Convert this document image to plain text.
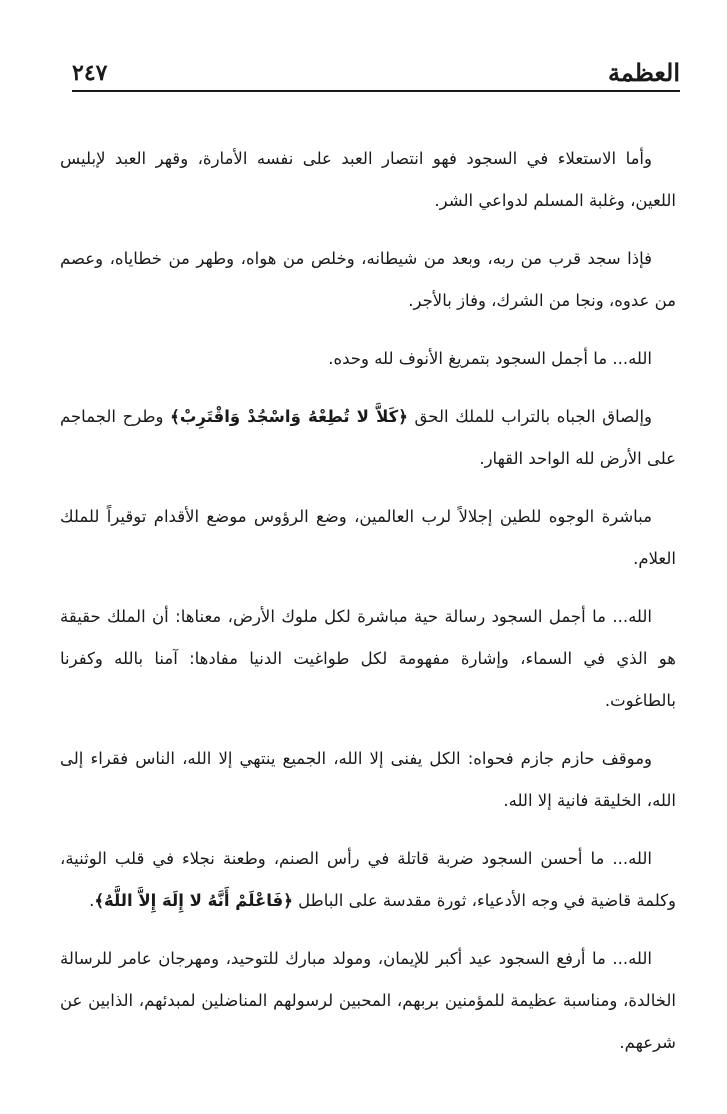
العظمة
٢٤٧

وأما الاستعلاء في السجود فهو انتصار العبد على نفسه الأمارة، وقهر العبد لإبليس اللعين، وغلبة المسلم لدواعي الشر.

فإذا سجد قرب من ربه، وبعد من شيطانه، وخلص من هواه، وطهر من خطاياه، وعصم من عدوه، ونجا من الشرك، وفاز بالأجر.

الله... ما أجمل السجود بتمريغ الأنوف لله وحده.

وإلصاق الجباه بالتراب للملك الحق ﴿كَلاَّ لا تُطِعْهُ وَاسْجُدْ وَاقْتَرِبْ﴾ وطرح الجماجم على الأرض لله الواحد القهار.

مباشرة الوجوه للطين إجلالاً لرب العالمين، وضع الرؤوس موضع الأقدام توقيراً للملك العلام.

الله... ما أجمل السجود رسالة حية مباشرة لكل ملوك الأرض، معناها: أن الملك حقيقة هو الذي في السماء، وإشارة مفهومة لكل طواغيت الدنيا مفادها: آمنا بالله وكفرنا بالطاغوت.

وموقف حازم جازم فحواه: الكل يفنى إلا الله، الجميع ينتهي إلا الله، الناس فقراء إلى الله، الخليقة فانية إلا الله.

الله... ما أحسن السجود ضربة قاتلة في رأس الصنم، وطعنة نجلاء في قلب الوثنية، وكلمة قاضية في وجه الأدعياء، ثورة مقدسة على الباطل ﴿فَاعْلَمْ أَنَّهُ لا إِلَهَ إِلاَّ اللَّهُ﴾.

الله... ما أرفع السجود عيد أكبر للإيمان، ومولد مبارك للتوحيد، ومهرجان عامر للرسالة الخالدة، ومناسبة عظيمة للمؤمنين بربهم، المحبين لرسولهم المناضلين لمبدئهم، الذابين عن شرعهم.
